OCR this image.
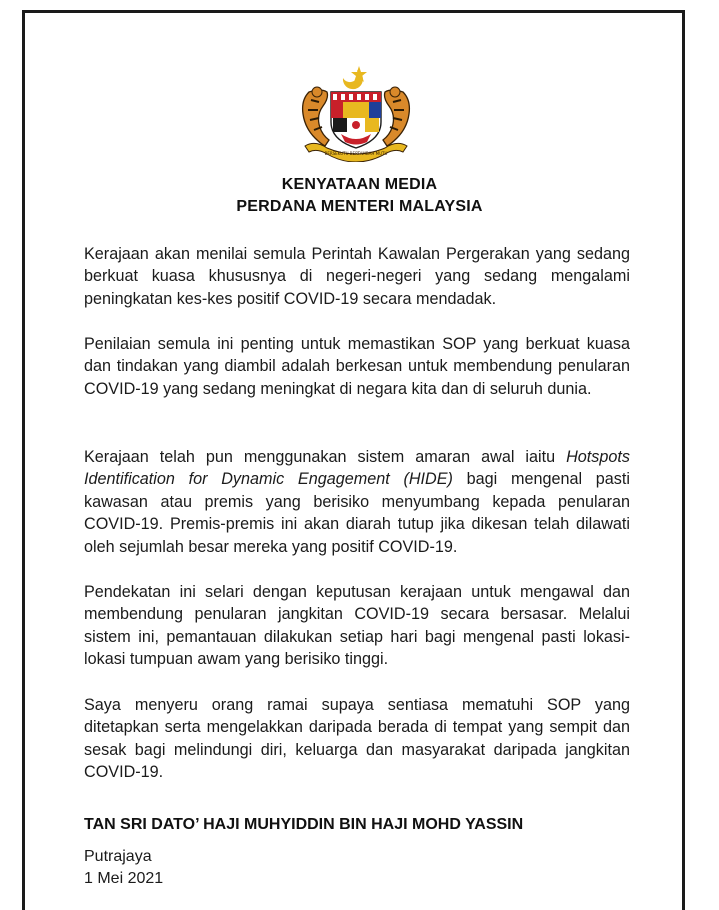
BERSEKUTU BERTAMBAH MUTU
KENYATAAN MEDIA
PERDANA MENTERI MALAYSIA
Kerajaan akan menilai semula Perintah Kawalan Pergerakan yang sedang berkuat kuasa khususnya di negeri-negeri yang sedang mengalami peningkatan kes-kes positif COVID-19 secara mendadak.
Penilaian semula ini penting untuk memastikan SOP yang berkuat kuasa dan tindakan yang diambil adalah berkesan untuk membendung penularan COVID-19 yang sedang meningkat di negara kita dan di seluruh dunia.
Kerajaan telah pun menggunakan sistem amaran awal iaitu Hotspots Identification for Dynamic Engagement (HIDE) bagi mengenal pasti kawasan atau premis yang berisiko menyumbang kepada penularan COVID-19. Premis-premis ini akan diarah tutup jika dikesan telah dilawati oleh sejumlah besar mereka yang positif COVID-19.
Pendekatan ini selari dengan keputusan kerajaan untuk mengawal dan membendung penularan jangkitan COVID-19 secara bersasar. Melalui sistem ini, pemantauan dilakukan setiap hari bagi mengenal pasti lokasi-lokasi tumpuan awam yang berisiko tinggi.
Saya menyeru orang ramai supaya sentiasa mematuhi SOP yang ditetapkan serta mengelakkan daripada berada di tempat yang sempit dan sesak bagi melindungi diri, keluarga dan masyarakat daripada jangkitan COVID-19.
TAN SRI DATO’ HAJI MUHYIDDIN BIN HAJI MOHD YASSIN
Putrajaya
1 Mei 2021
